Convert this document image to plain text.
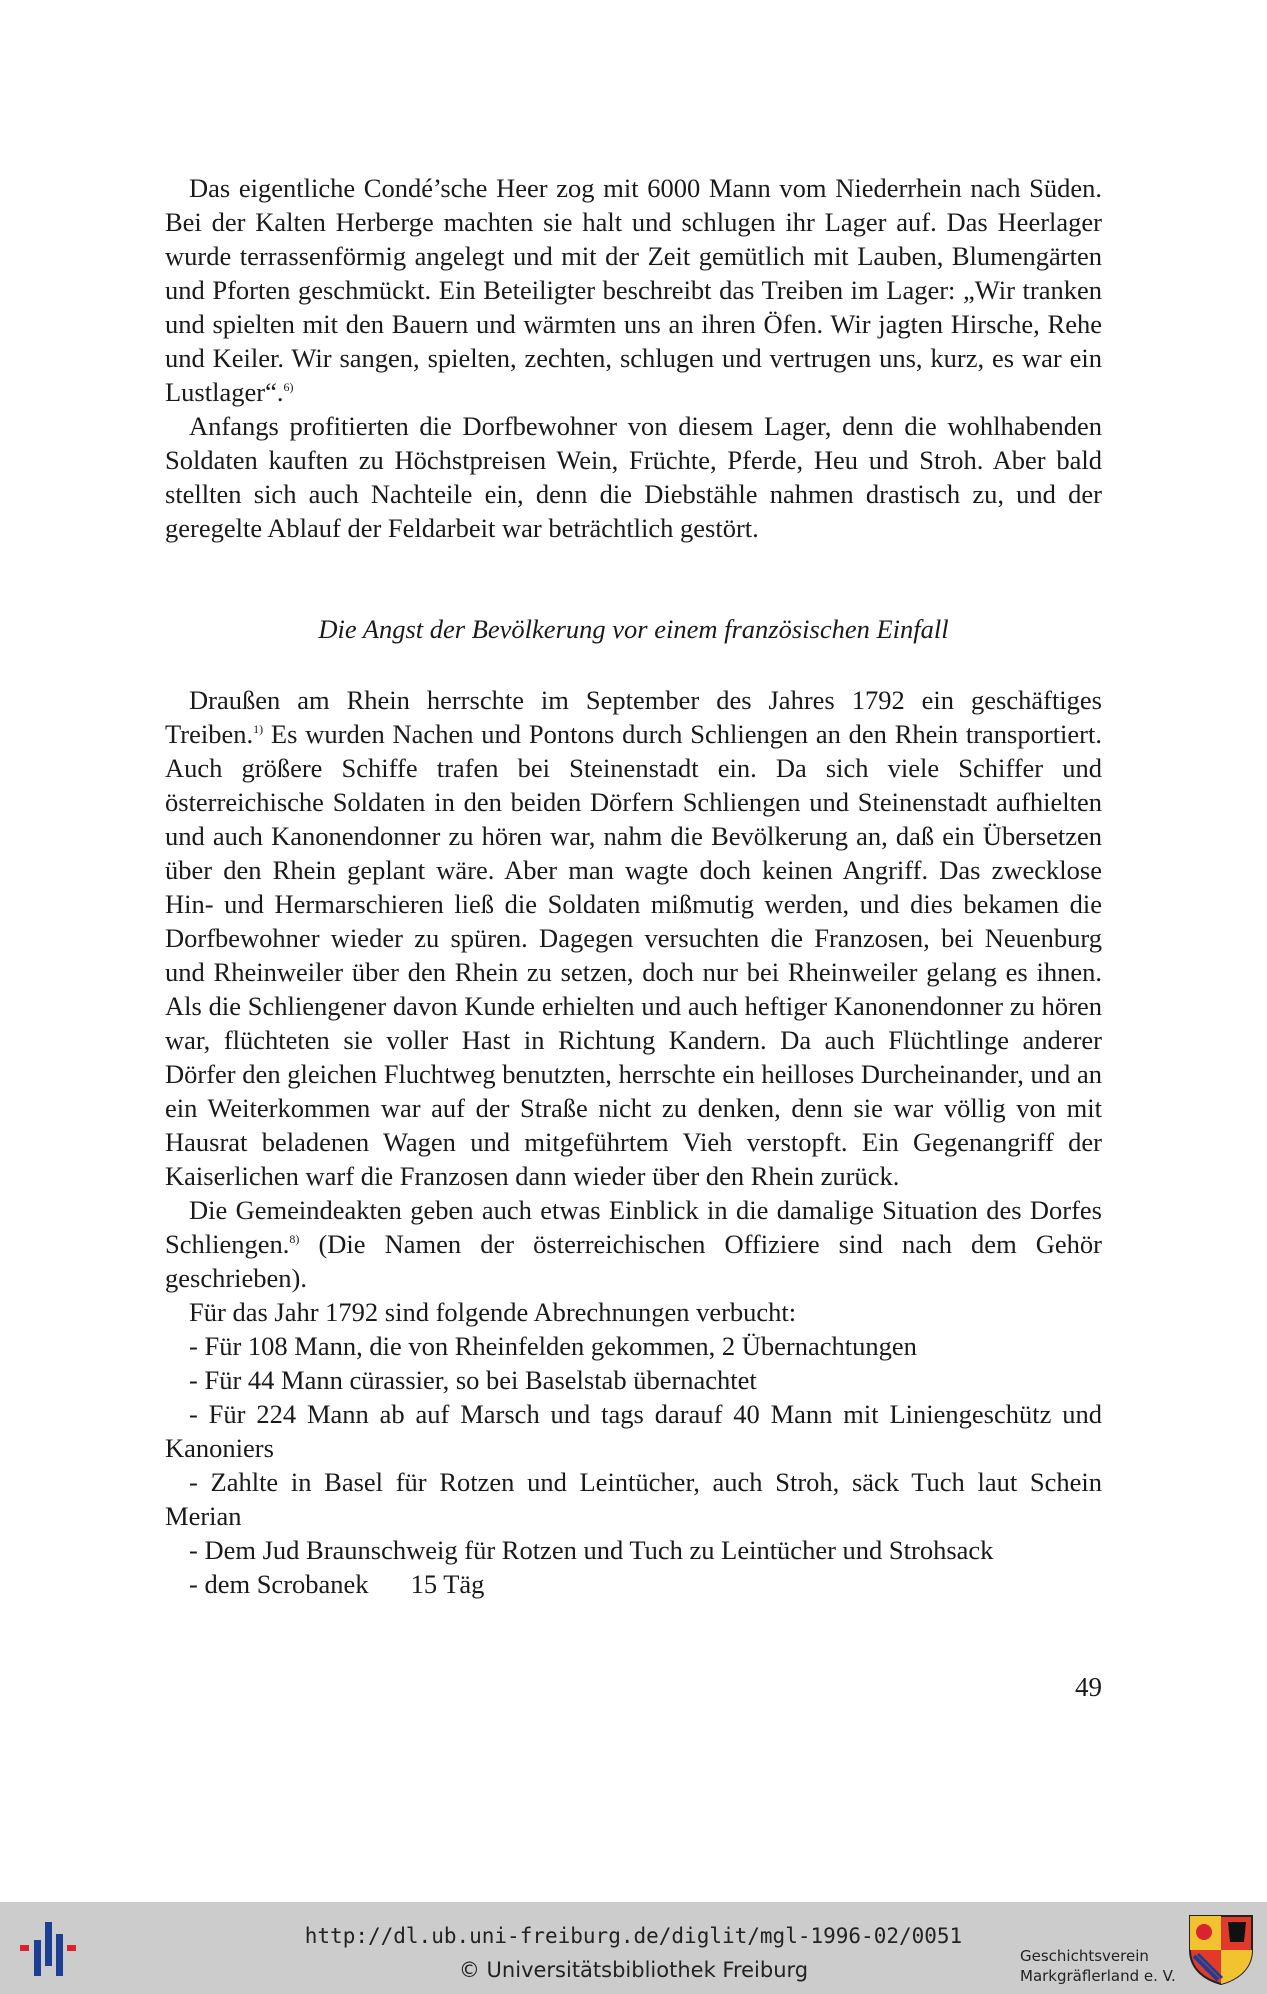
Das eigentliche Condé’sche Heer zog mit 6000 Mann vom Niederrhein nach Süden. Bei der Kalten Herberge machten sie halt und schlugen ihr Lager auf. Das Heerlager wurde terrassenförmig angelegt und mit der Zeit gemütlich mit Lauben, Blumengärten und Pforten geschmückt. Ein Beteiligter beschreibt das Treiben im Lager: „Wir tranken und spielten mit den Bauern und wärmten uns an ihren Öfen. Wir jagten Hirsche, Rehe und Keiler. Wir sangen, spielten, zechten, schlugen und vertrugen uns, kurz, es war ein Lustlager“.$^{6)}$

Anfangs profitierten die Dorfbewohner von diesem Lager, denn die wohlhabenden Soldaten kauften zu Höchstpreisen Wein, Früchte, Pferde, Heu und Stroh. Aber bald stellten sich auch Nachteile ein, denn die Diebstähle nahmen drastisch zu, und der geregelte Ablauf der Feldarbeit war beträchtlich gestört.

Die Angst der Bevölkerung vor einem französischen Einfall

Draußen am Rhein herrschte im September des Jahres 1792 ein geschäftiges Treiben.$^{1)}$ Es wurden Nachen und Pontons durch Schliengen an den Rhein transportiert. Auch größere Schiffe trafen bei Steinenstadt ein. Da sich viele Schiffer und österreichische Soldaten in den beiden Dörfern Schliengen und Steinenstadt aufhielten und auch Kanonendonner zu hören war, nahm die Bevölkerung an, daß ein Übersetzen über den Rhein geplant wäre. Aber man wagte doch keinen Angriff. Das zwecklose Hin- und Hermarschieren ließ die Soldaten mißmutig werden, und dies bekamen die Dorfbewohner wieder zu spüren. Dagegen versuchten die Franzosen, bei Neuenburg und Rheinweiler über den Rhein zu setzen, doch nur bei Rheinweiler gelang es ihnen. Als die Schliengener davon Kunde erhielten und auch heftiger Kanonendonner zu hören war, flüchteten sie voller Hast in Richtung Kandern. Da auch Flüchtlinge anderer Dörfer den gleichen Fluchtweg benutzten, herrschte ein heilloses Durcheinander, und an ein Weiterkommen war auf der Straße nicht zu denken, denn sie war völlig von mit Hausrat beladenen Wagen und mitgeführtem Vieh verstopft. Ein Gegenangriff der Kaiserlichen warf die Franzosen dann wieder über den Rhein zurück.

Die Gemeindeakten geben auch etwas Einblick in die damalige Situation des Dorfes Schliengen.$^{8)}$ (Die Namen der österreichischen Offiziere sind nach dem Gehör geschrieben).

Für das Jahr 1792 sind folgende Abrechnungen verbucht:

- Für 108 Mann, die von Rheinfelden gekommen, 2 Übernachtungen
- Für 44 Mann cürassier, so bei Baselstab übernachtet
- Für 224 Mann ab auf Marsch und tags darauf 40 Mann mit Liniengeschütz und Kanoniers
- Zahlte in Basel für Rotzen und Leintücher, auch Stroh, säck Tuch laut Schein Merian
- Dem Jud Braunschweig für Rotzen und Tuch zu Leintücher und Strohsack
- dem Scrobanek 15 Täg
49
http://dl.ub.uni-freiburg.de/diglit/mgl-1996-02/0051
© Universitätsbibliothek Freiburg
Geschichtsverein
Markgräflerland e. V.
